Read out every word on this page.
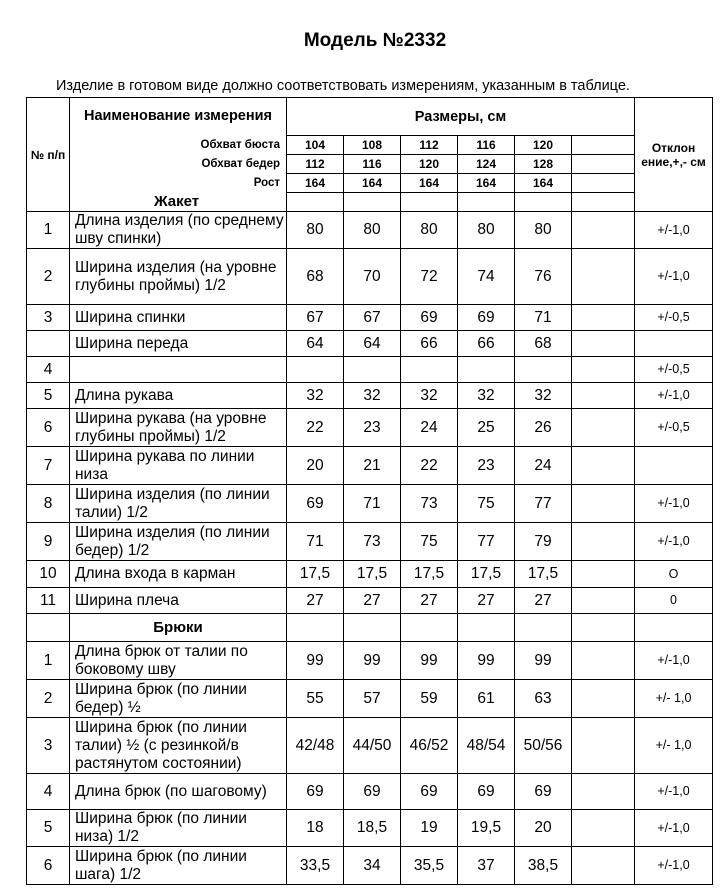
Модель №2332
Изделие в готовом виде должно соответствовать измерениям, указанным в таблице.
№ п/п	Наименование измерения	Размеры, см						Отклон ение,+,- см
	Обхват бюста	104	108	112	116	120		
	Обхват бедер	112	116	120	124	128		
	Рост	164	164	164	164	164		
	Жакет							
1	Длина изделия (по среднему шву спинки)	80	80	80	80	80		+/-1,0
2	Ширина изделия (на уровне глубины проймы) 1/2	68	70	72	74	76		+/-1,0
3	Ширина спинки	67	67	69	69	71		+/-0,5
	Ширина переда	64	64	66	66	68		
4								+/-0,5
5	Длина рукава	32	32	32	32	32		+/-1,0
6	Ширина рукава (на уровне глубины проймы) 1/2	22	23	24	25	26		+/-0,5
7	Ширина рукава по линии низа	20	21	22	23	24		
8	Ширина изделия (по линии талии) 1/2	69	71	73	75	77		+/-1,0
9	Ширина изделия (по линии бедер) 1/2	71	73	75	77	79		+/-1,0
10	Длина входа в карман	17,5	17,5	17,5	17,5	17,5		О
11	Ширина плеча	27	27	27	27	27		0
	Брюки							
1	Длина брюк от талии по боковому шву	99	99	99	99	99		+/-1,0
2	Ширина брюк (по линии бедер) ½	55	57	59	61	63		+/- 1,0
3	Ширина брюк (по линии талии) ½ (с резинкой/в растянутом состоянии)	42/48	44/50	46/52	48/54	50/56		+/- 1,0
4	Длина брюк (по шаговому)	69	69	69	69	69		+/-1,0
5	Ширина брюк (по линии низа) 1/2	18	18,5	19	19,5	20		+/-1,0
6	Ширина брюк (по линии шага) 1/2	33,5	34	35,5	37	38,5		+/-1,0
